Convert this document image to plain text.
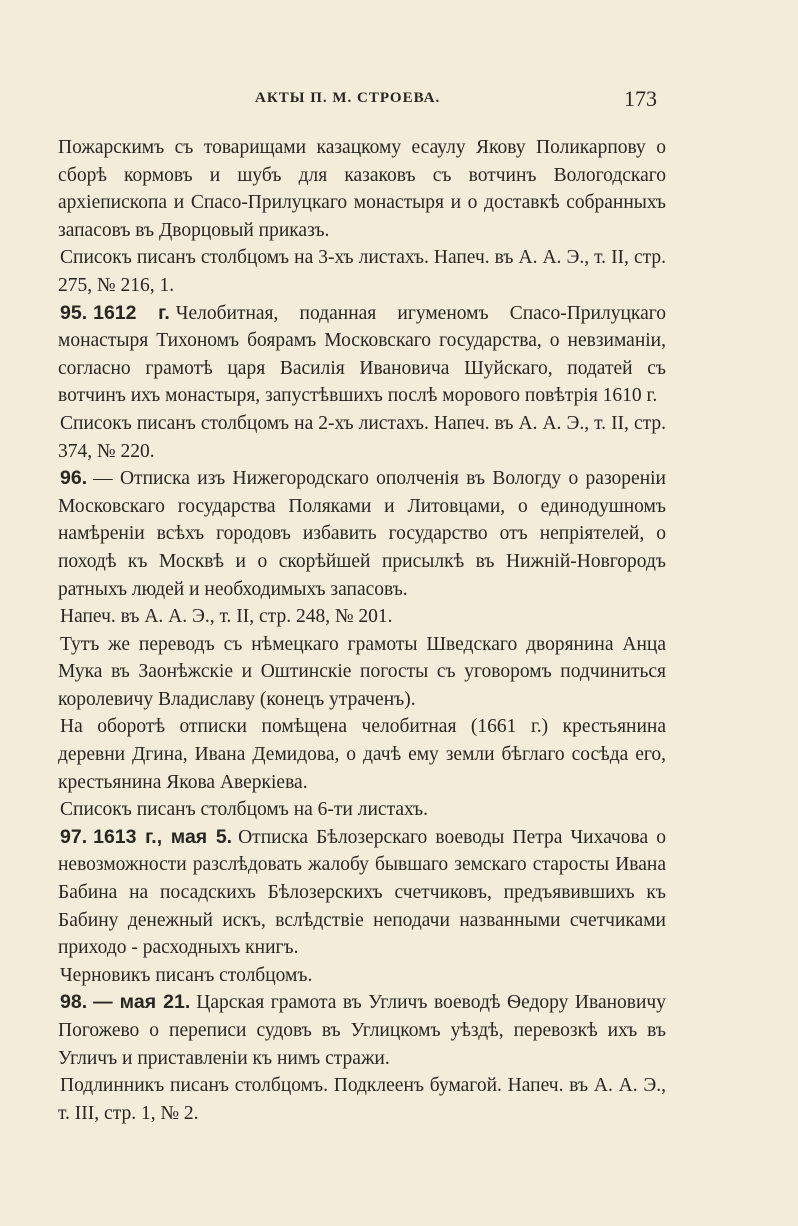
АКТЫ П. М. СТРОЕВА.	173

Пожарскимъ съ товарищами казацкому есаулу Якову Поликарпову о сборѣ кормовъ и шубъ для казаковъ съ вотчинъ Вологодскаго архіепископа и Спасо-Прилуцкаго монастыря и о доставкѣ собранныхъ запасовъ въ Дворцовый приказъ.

Списокъ писанъ столбцомъ на 3-хъ листахъ. Напеч. въ А. А. Э., т. II, стр. 275, № 216, 1.

95. 1612 г. Челобитная, поданная игуменомъ Спасо-Прилуцкаго монастыря Тихономъ боярамъ Московскаго государства, о невзиманіи, согласно грамотѣ царя Василія Ивановича Шуйскаго, податей съ вотчинъ ихъ монастыря, запустѣвшихъ послѣ моровoго повѣтрія 1610 г.

Списокъ писанъ столбцомъ на 2-хъ листахъ. Напеч. въ А. А. Э., т. II, стр. 374, № 220.

96. — Отписка изъ Нижегородскаго ополченія въ Вологду о разореніи Московскаго государства Поляками и Литовцами, о единодушномъ намѣреніи всѣхъ городовъ избавить государство отъ непріятелей, о походѣ къ Москвѣ и о скорѣйшей присылкѣ въ Нижній-Новгородъ ратныхъ людей и необходимыхъ запасовъ.

Напеч. въ А. А. Э., т. II, стр. 248, № 201.

Тутъ же переводъ съ нѣмецкаго грамоты Шведскаго дворянина Анца Мука въ Заонѣжскіе и Оштинскіе погосты съ уговоромъ подчиниться королевичу Владиславу (конецъ утраченъ).

На оборотѣ отписки помѣщена челобитная (1661 г.) крестьянина деревни Дгина, Ивана Демидова, о дачѣ ему земли бѣглаго сосѣда его, крестьянина Якова Аверкіева.

Списокъ писанъ столбцомъ на 6-ти листахъ.

97. 1613 г., мая 5. Отписка Бѣлозерскаго воеводы Петра Чихачова о невозможности разслѣдовать жалобу бывшаго земскаго старосты Ивана Бабина на посадскихъ Бѣлозерскихъ счетчиковъ, предъявившихъ къ Бабину денежный искъ, вслѣдствіе неподачи названными счетчиками приходо - расходныхъ книгъ.

Черновикъ писанъ столбцомъ.

98. — мая 21. Царская грамота въ Угличъ воеводѣ Ѳедору Ивановичу Погожево о переписи судовъ въ Углицкомъ уѣздѣ, перевозкѣ ихъ въ Угличъ и приставленіи къ нимъ стражи.

Подлинникъ писанъ столбцомъ. Подклеенъ бумагой. Напеч. въ А. А. Э., т. III, стр. 1, № 2.
